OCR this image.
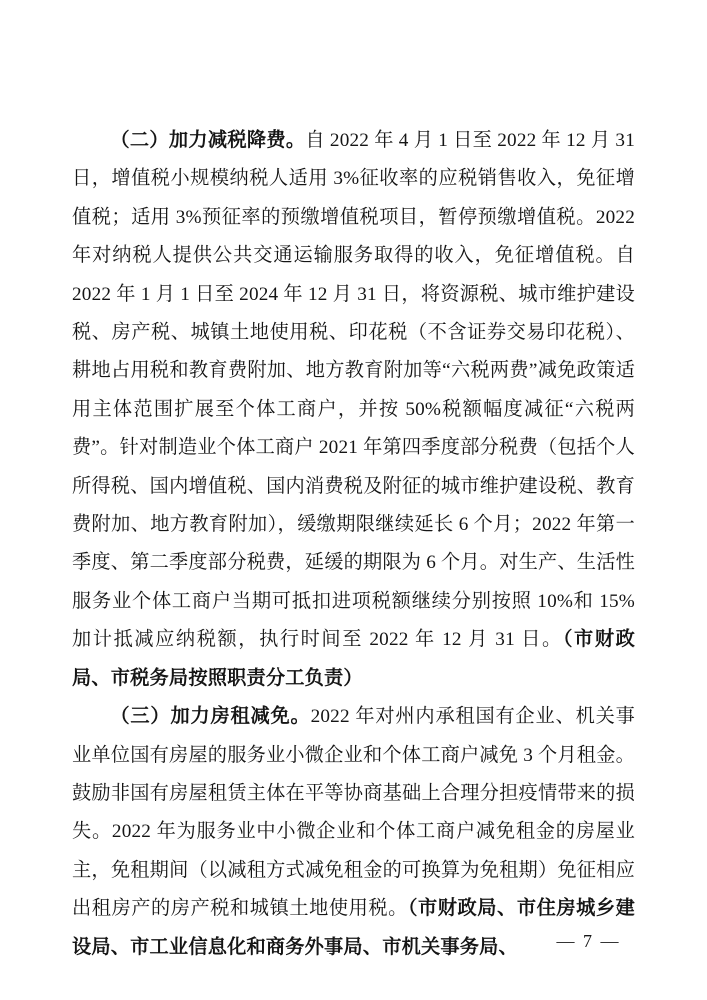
（二）加力减税降费。自 2022 年 4 月 1 日至 2022 年 12 月 31 日，增值税小规模纳税人适用 3%征收率的应税销售收入，免征增值税；适用 3%预征率的预缴增值税项目，暂停预缴增值税。2022 年对纳税人提供公共交通运输服务取得的收入，免征增值税。自 2022 年 1 月 1 日至 2024 年 12 月 31 日，将资源税、城市维护建设税、房产税、城镇土地使用税、印花税（不含证券交易印花税）、耕地占用税和教育费附加、地方教育附加等“六税两费”减免政策适用主体范围扩展至个体工商户，并按 50%税额幅度减征“六税两费”。针对制造业个体工商户 2021 年第四季度部分税费（包括个人所得税、国内增值税、国内消费税及附征的城市维护建设税、教育费附加、地方教育附加），缓缴期限继续延长 6 个月；2022 年第一季度、第二季度部分税费，延缓的期限为 6 个月。对生产、生活性服务业个体工商户当期可抵扣进项税额继续分别按照 10%和 15%加计抵减应纳税额，执行时间至 2022 年 12 月 31 日。（市财政局、市税务局按照职责分工负责）

（三）加力房租减免。2022 年对州内承租国有企业、机关事业单位国有房屋的服务业小微企业和个体工商户减免 3 个月租金。鼓励非国有房屋租赁主体在平等协商基础上合理分担疫情带来的损失。2022 年为服务业中小微企业和个体工商户减免租金的房屋业主，免租期间（以减租方式减免租金的可换算为免租期）免征相应出租房产的房产税和城镇土地使用税。（市财政局、市住房城乡建设局、市工业信息化和商务外事局、市机关事务局、	— 7 —
